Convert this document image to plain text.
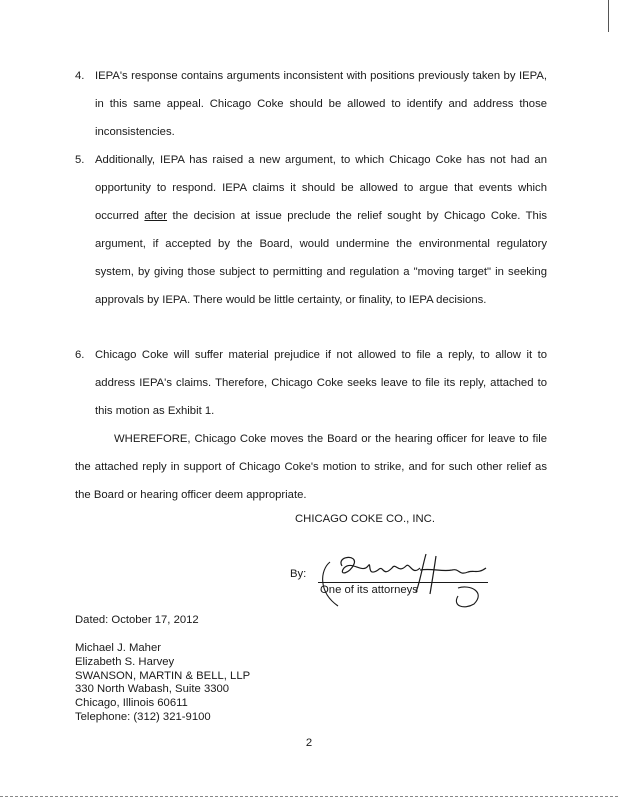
4. IEPA's response contains arguments inconsistent with positions previously taken by IEPA, in this same appeal. Chicago Coke should be allowed to identify and address those inconsistencies.
5. Additionally, IEPA has raised a new argument, to which Chicago Coke has not had an opportunity to respond. IEPA claims it should be allowed to argue that events which occurred after the decision at issue preclude the relief sought by Chicago Coke. This argument, if accepted by the Board, would undermine the environmental regulatory system, by giving those subject to permitting and regulation a "moving target" in seeking approvals by IEPA. There would be little certainty, or finality, to IEPA decisions.
6. Chicago Coke will suffer material prejudice if not allowed to file a reply, to allow it to address IEPA's claims. Therefore, Chicago Coke seeks leave to file its reply, attached to this motion as Exhibit 1.
WHEREFORE, Chicago Coke moves the Board or the hearing officer for leave to file the attached reply in support of Chicago Coke's motion to strike, and for such other relief as the Board or hearing officer deem appropriate.
CHICAGO COKE CO., INC.
By:
One of its attorneys
Dated: October 17, 2012
Michael J. Maher
Elizabeth S. Harvey
SWANSON, MARTIN & BELL, LLP
330 North Wabash, Suite 3300
Chicago, Illinois 60611
Telephone: (312) 321-9100
2
